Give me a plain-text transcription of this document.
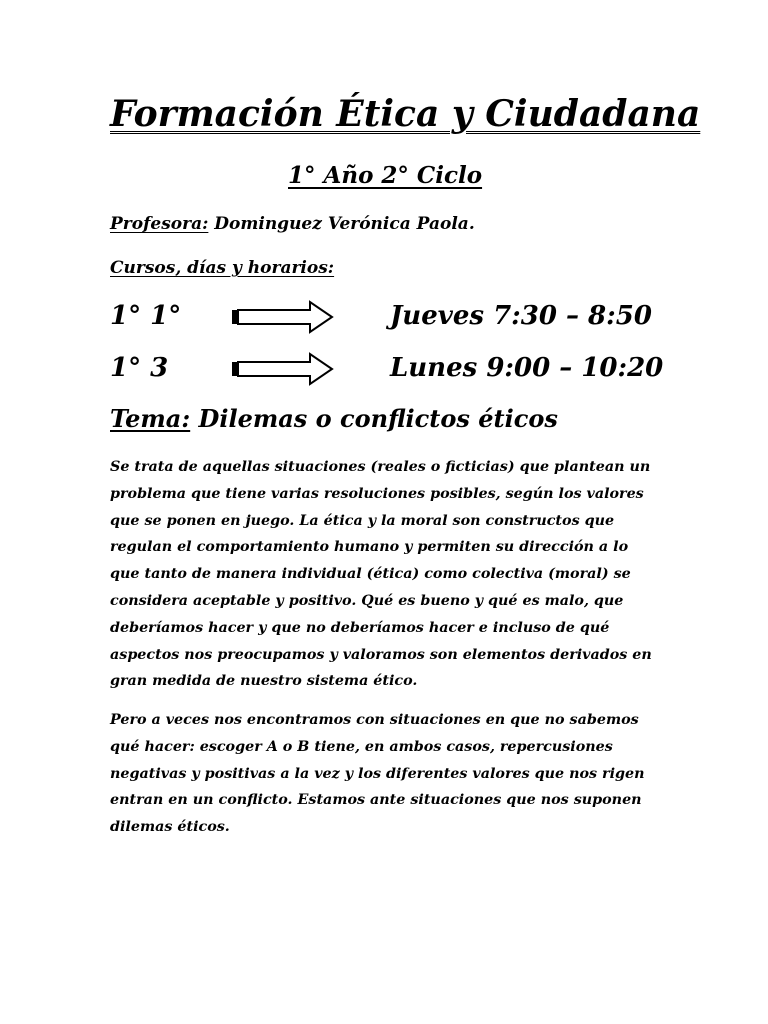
Formación Ética y Ciudadana
1° Año 2° Ciclo
Profesora: Dominguez Verónica Paola.
Cursos, días y horarios:
1° 1°	Jueves 7:30 – 8:50
1° 3	Lunes 9:00 – 10:20
Tema: Dilemas o conflictos éticos

Se trata de aquellas situaciones (reales o ficticias) que plantean un problema que tiene varias resoluciones posibles, según los valores que se ponen en juego. La ética y la moral son constructos que regulan el comportamiento humano y permiten su dirección a lo que tanto de manera individual (ética) como colectiva (moral) se considera aceptable y positivo. Qué es bueno y qué es malo, que deberíamos hacer y que no deberíamos hacer e incluso de qué aspectos nos preocupamos y valoramos son elementos derivados en gran medida de nuestro sistema ético.

Pero a veces nos encontramos con situaciones en que no sabemos qué hacer: escoger A o B tiene, en ambos casos, repercusiones negativas y positivas a la vez y los diferentes valores que nos rigen entran en un conflicto. Estamos ante situaciones que nos suponen dilemas éticos.
